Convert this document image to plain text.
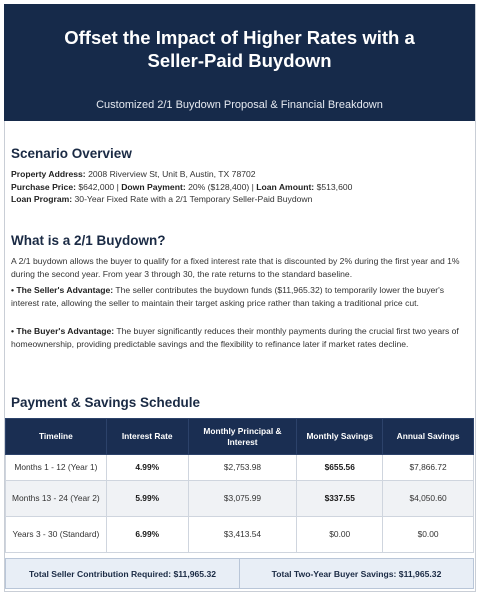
Offset the Impact of Higher Rates with a
Seller-Paid Buydown
Customized 2/1 Buydown Proposal & Financial Breakdown
Scenario Overview
Property Address: 2008 Riverview St, Unit B, Austin, TX 78702
Purchase Price: $642,000 | Down Payment: 20% ($128,400) | Loan Amount: $513,600
Loan Program: 30-Year Fixed Rate with a 2/1 Temporary Seller-Paid Buydown
What is a 2/1 Buydown?
A 2/1 buydown allows the buyer to qualify for a fixed interest rate that is discounted by 2% during the first year and 1% during the second year. From year 3 through 30, the rate returns to the standard baseline.
• The Seller's Advantage: The seller contributes the buydown funds ($11,965.32) to temporarily lower the buyer's interest rate, allowing the seller to maintain their target asking price rather than taking a traditional price cut.
• The Buyer's Advantage: The buyer significantly reduces their monthly payments during the crucial first two years of homeownership, providing predictable savings and the flexibility to refinance later if market rates decline.
Payment & Savings Schedule
Timeline	Interest Rate	Monthly Principal & Interest	Monthly Savings	Annual Savings
Months 1 - 12 (Year 1)	4.99%	$2,753.98	$655.56	$7,866.72
Months 13 - 24 (Year 2)	5.99%	$3,075.99	$337.55	$4,050.60
Years 3 - 30 (Standard)	6.99%	$3,413.54	$0.00	$0.00
Total Seller Contribution Required: $11,965.32	Total Two-Year Buyer Savings: $11,965.32
